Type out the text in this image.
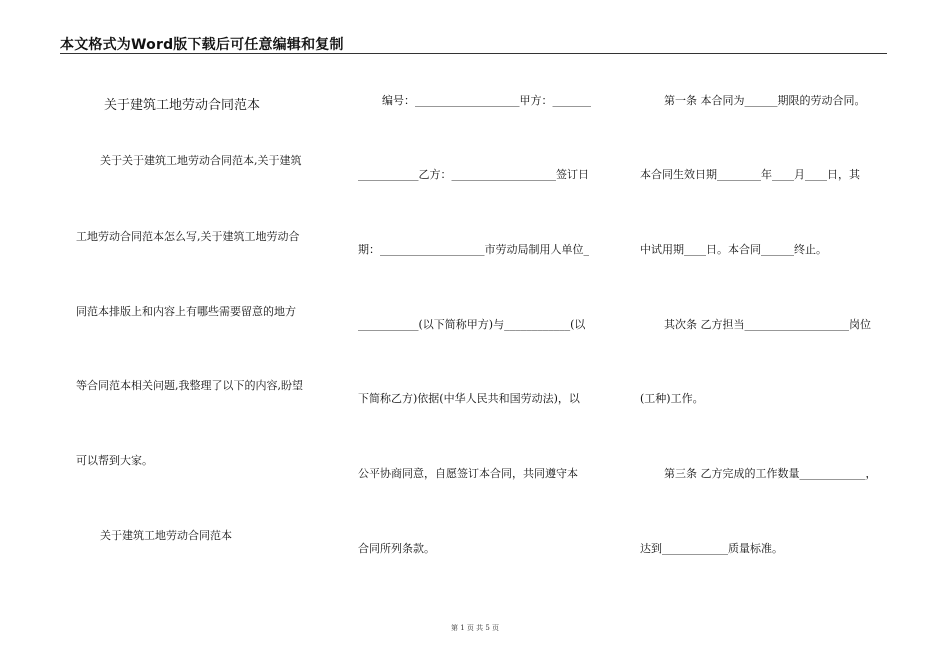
本文格式为Word版下载后可任意编辑和复制
关于建筑工地劳动合同范本
关于关于建筑工地劳动合同范本,关于建筑
工地劳动合同范本怎么写,关于建筑工地劳动合
同范本排版上和内容上有哪些需要留意的地方
等合同范本相关问题,我整理了以下的内容,盼望
可以帮到大家。
关于建筑工地劳动合同范本
编号：___________________甲方：_______
___________乙方：___________________签订日
期：___________________市劳动局制用人单位_
___________(以下简称甲方)与____________(以
下简称乙方)依据(中华人民共和国劳动法)，以
公平协商同意，自愿签订本合同，共同遵守本
合同所列条款。
第一条 本合同为______期限的劳动合同。
本合同生效日期________年____月____日，其
中试用期____日。本合同______终止。
其次条 乙方担当___________________岗位
(工种)工作。
第三条 乙方完成的工作数量____________，
达到____________质量标准。
第 1 页 共 5 页
